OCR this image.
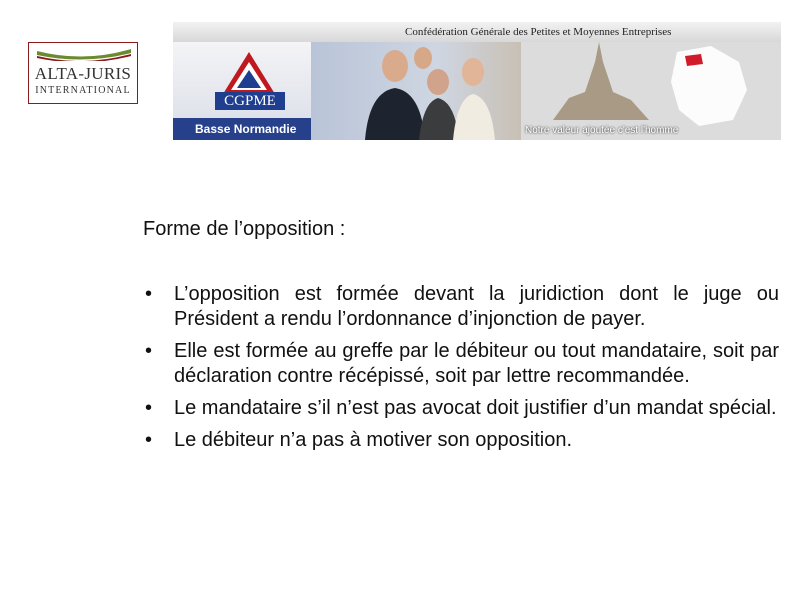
ALTA-JURIS
INTERNATIONAL
Confédération Générale des Petites et Moyennes Entreprises
CGPME
Basse Normandie	Notre valeur ajoutée c'est l'homme
Forme de l’opposition :
• L’opposition est formée devant la juridiction dont le juge ou Président a rendu l’ordonnance d’injonction de payer.
• Elle est formée au greffe par le débiteur ou tout mandataire, soit par déclaration contre récépissé, soit par lettre recommandée.
• Le mandataire s’il n’est pas avocat doit justifier d’un mandat spécial.
• Le débiteur n’a pas à motiver son opposition.
